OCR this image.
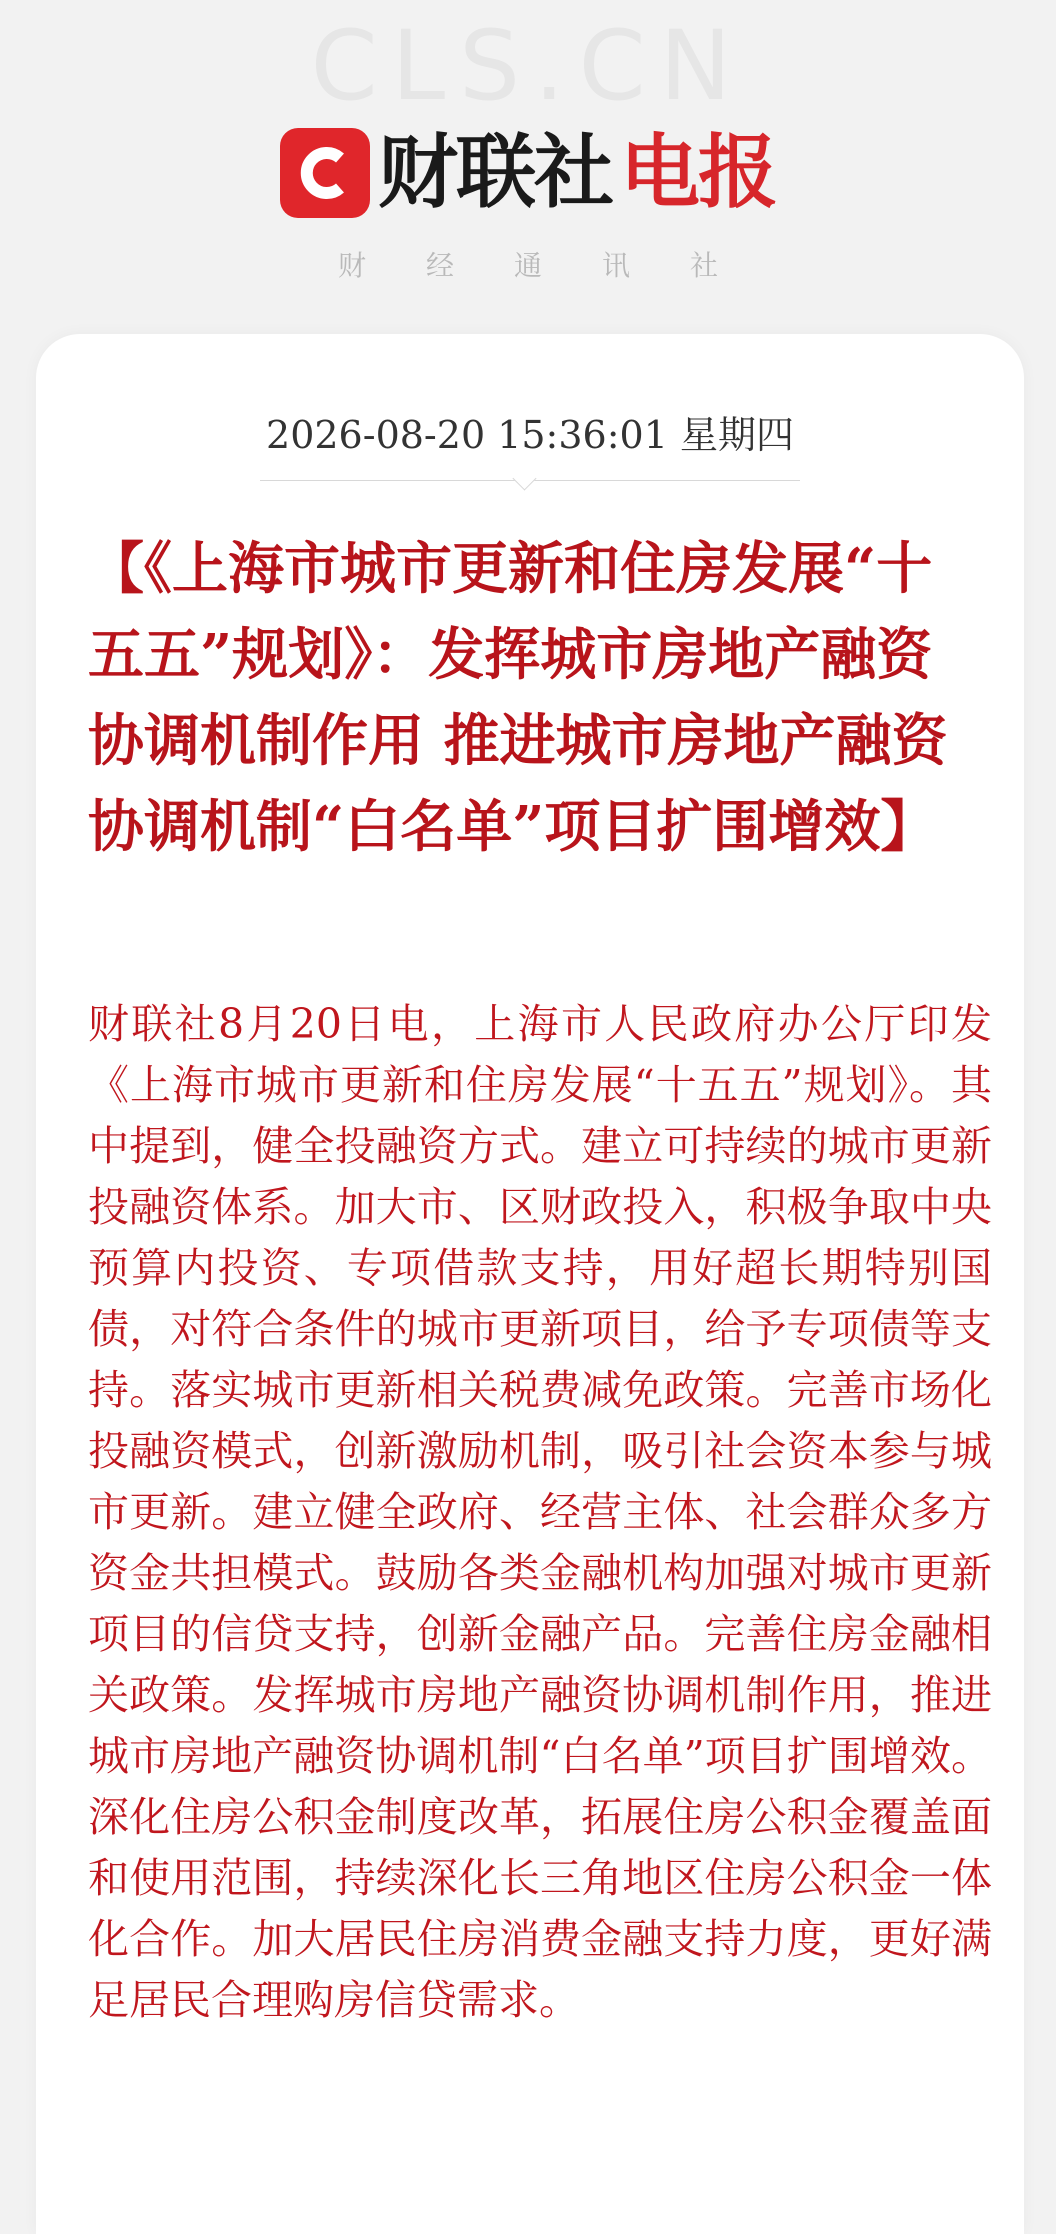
CLS.CN
财联社 电报
财经通讯社
2026-08-20 15:36:01 星期四
【《上海市城市更新和住房发展“十五五”规划》：发挥城市房地产融资协调机制作用 推进城市房地产融资协调机制“白名单”项目扩围增效】

财联社8月20日电，上海市人民政府办公厅印发《上海市城市更新和住房发展“十五五”规划》。其中提到，健全投融资方式。建立可持续的城市更新投融资体系。加大市、区财政投入，积极争取中央预算内投资、专项借款支持，用好超长期特别国债，对符合条件的城市更新项目，给予专项债等支持。落实城市更新相关税费减免政策。完善市场化投融资模式，创新激励机制，吸引社会资本参与城市更新。建立健全政府、经营主体、社会群众多方资金共担模式。鼓励各类金融机构加强对城市更新项目的信贷支持，创新金融产品。完善住房金融相关政策。发挥城市房地产融资协调机制作用，推进城市房地产融资协调机制“白名单”项目扩围增效。深化住房公积金制度改革，拓展住房公积金覆盖面和使用范围，持续深化长三角地区住房公积金一体化合作。加大居民住房消费金融支持力度，更好满足居民合理购房信贷需求。
